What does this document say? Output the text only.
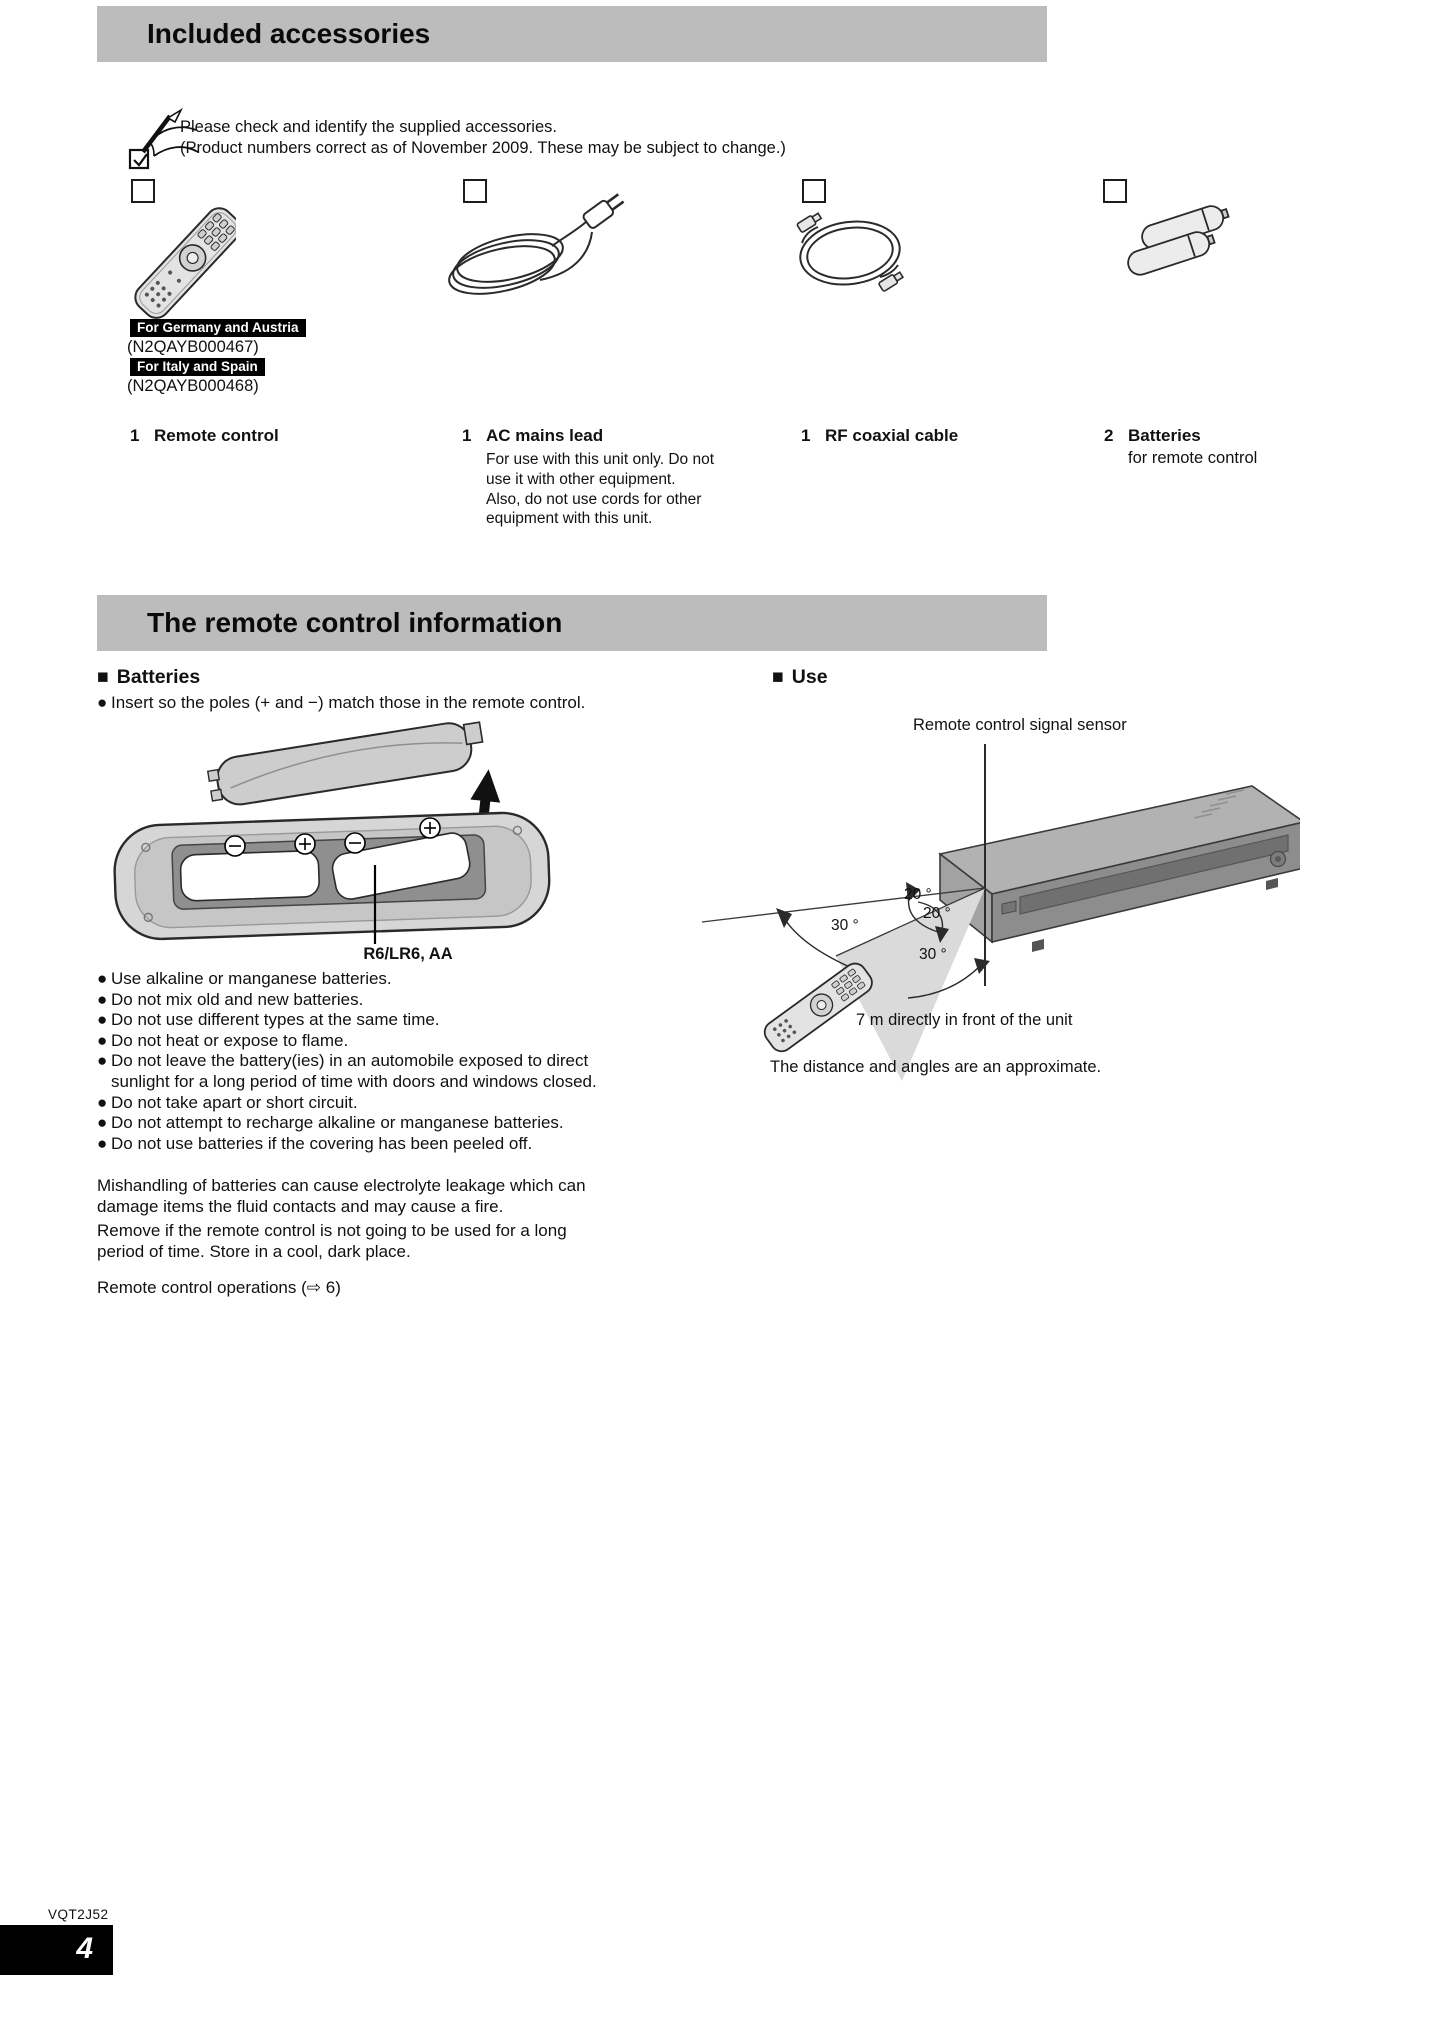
Included accessories
Please check and identify the supplied accessories.
(Product numbers correct as of November 2009. These may be subject to change.)
For Germany and Austria
(N2QAYB000467)
For Italy and Spain
(N2QAYB000468)
1 Remote control	1 AC mains lead
For use with this unit only. Do not
use it with other equipment.
Also, do not use cords for other
equipment with this unit.
1 RF coaxial cable	2 Batteries
for remote control
The remote control information
■ Batteries
● Insert so the poles (+ and −) match those in the remote control.
R6/LR6, AA
● Use alkaline or manganese batteries.
● Do not mix old and new batteries.
● Do not use different types at the same time.
● Do not heat or expose to flame.
● Do not leave the battery(ies) in an automobile exposed to direct
sunlight for a long period of time with doors and windows closed.
● Do not take apart or short circuit.
● Do not attempt to recharge alkaline or manganese batteries.
● Do not use batteries if the covering has been peeled off.
Mishandling of batteries can cause electrolyte leakage which can
damage items the fluid contacts and may cause a fire.
Remove if the remote control is not going to be used for a long
period of time. Store in a cool, dark place.
Remote control operations (⇨ 6)
■ Use
Remote control signal sensor
20 °
20 °
30 °
30 °
7 m directly in front of the unit
The distance and angles are an approximate.
VQT2J52
4
